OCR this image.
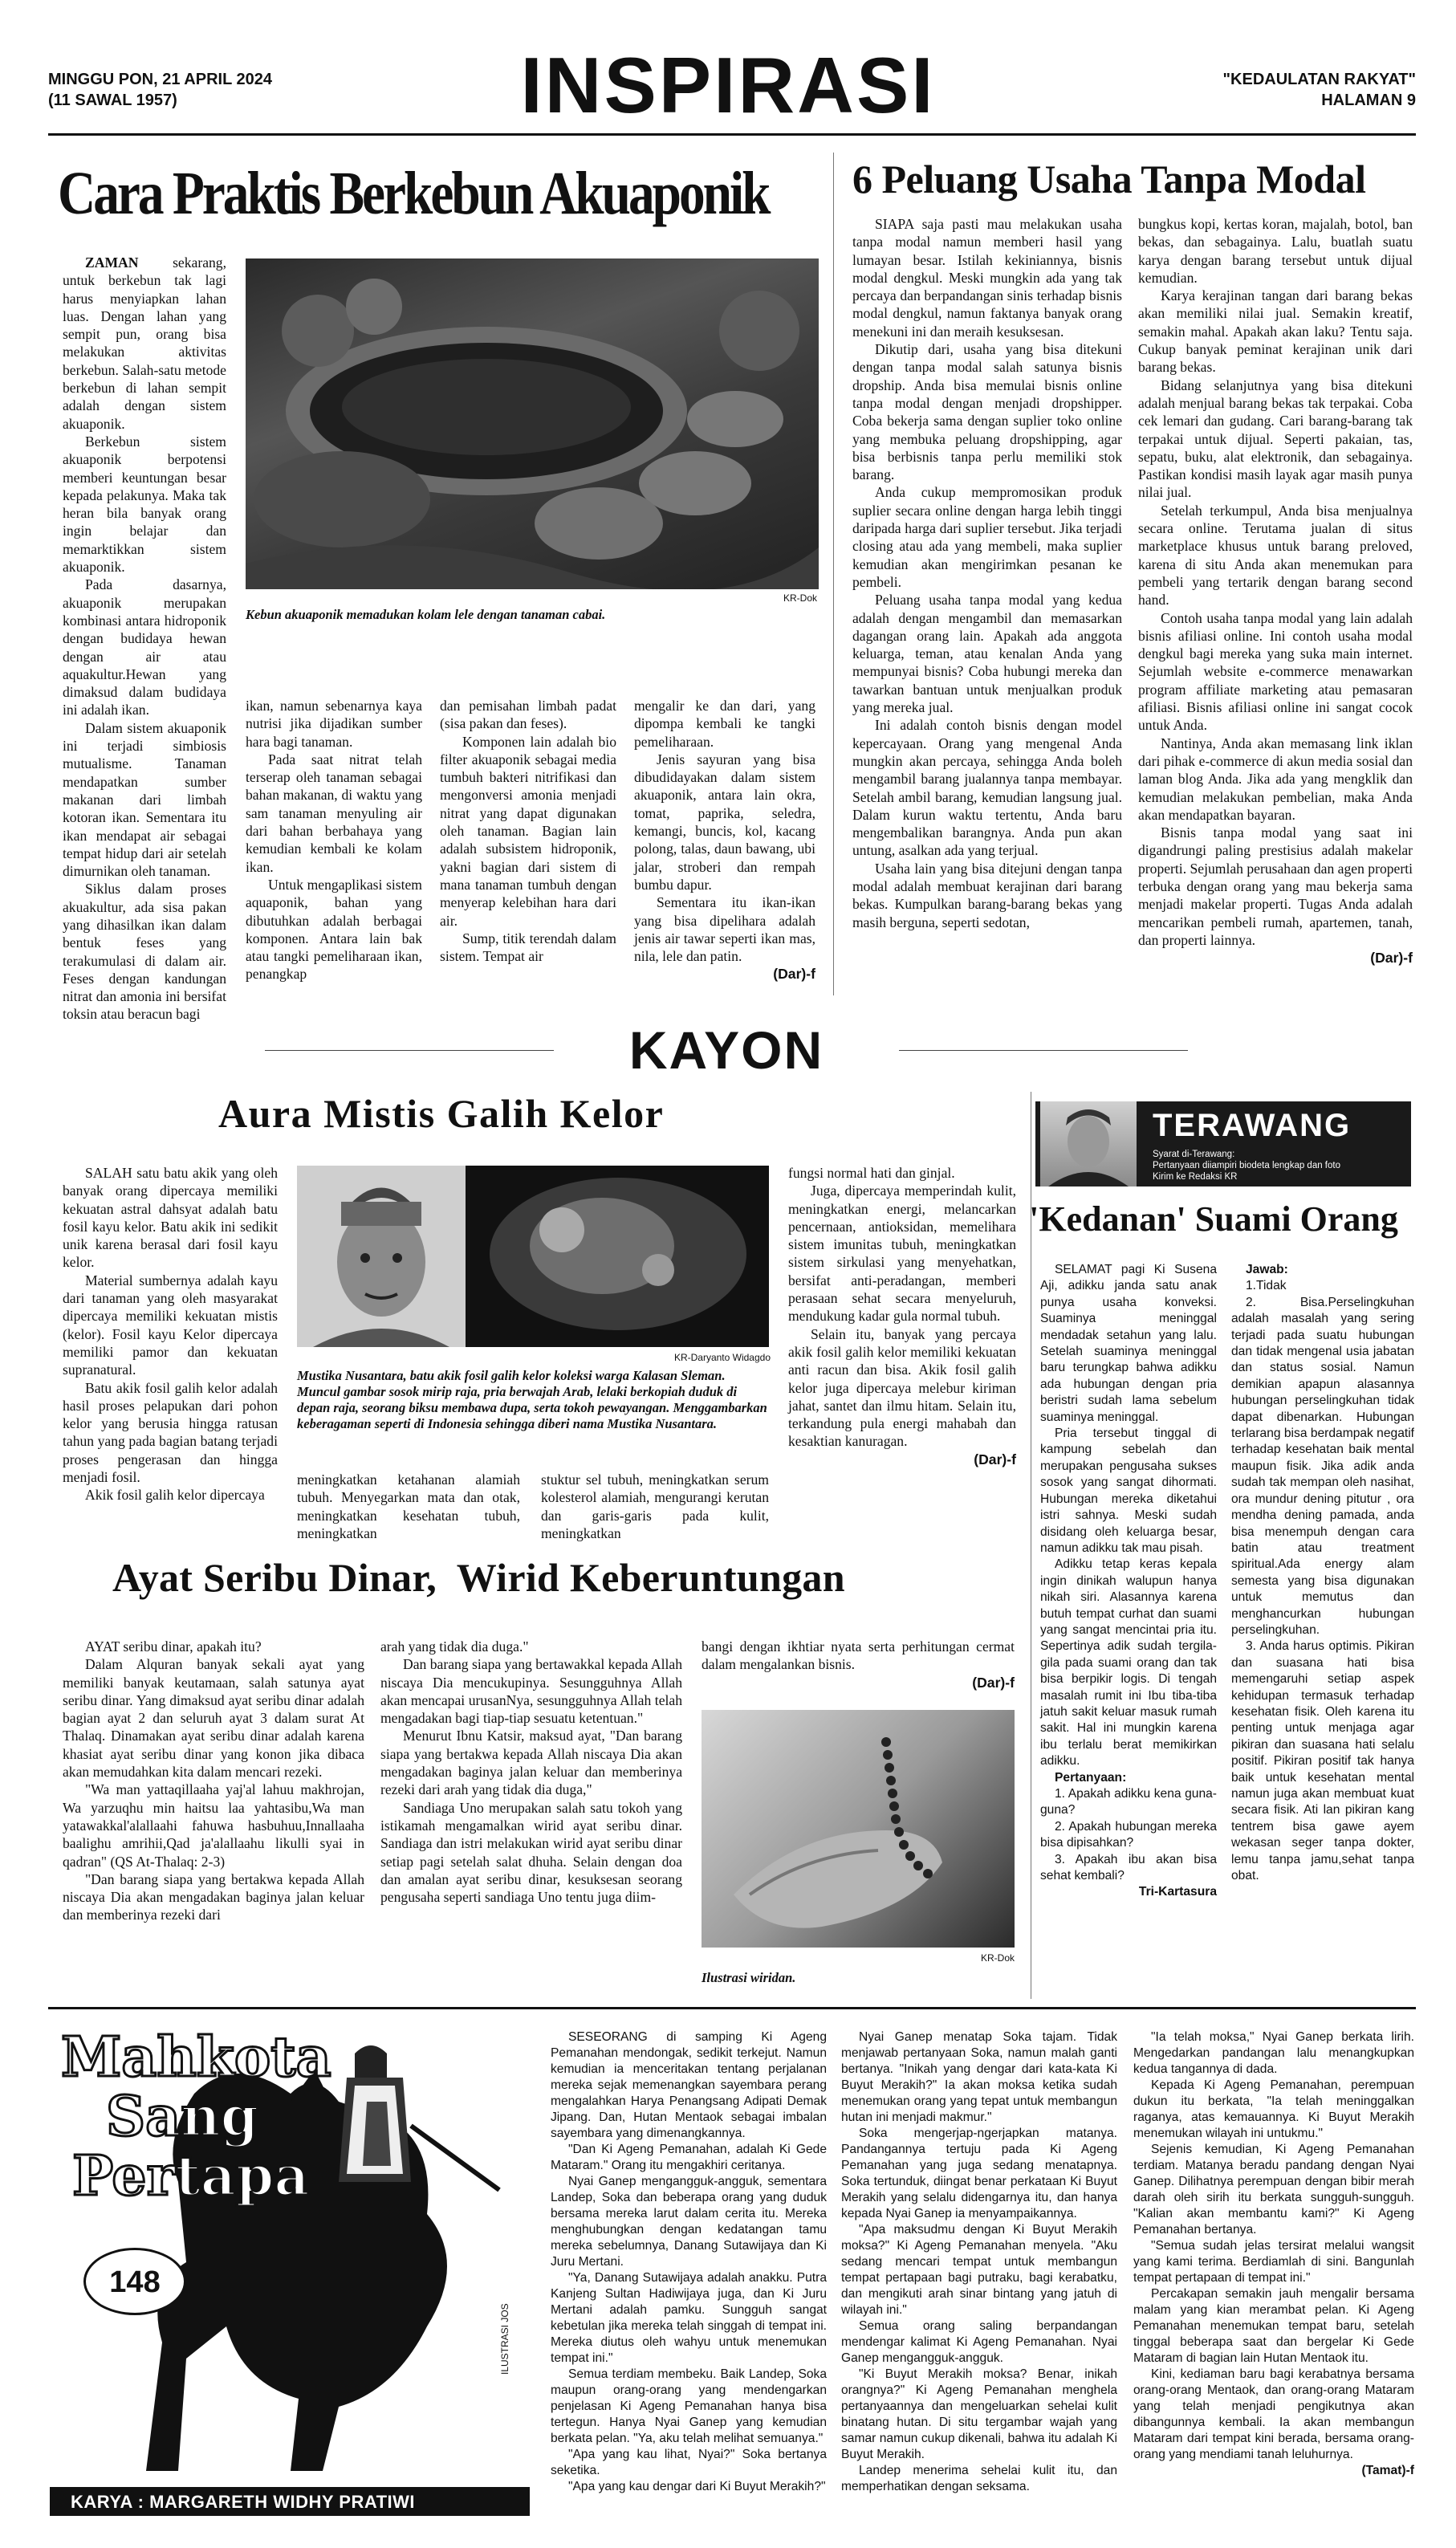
MINGGU PON, 21 APRIL 2024
(11 SAWAL 1957)	INSPIRASI	"KEDAULATAN RAKYAT"
HALAMAN 9
Cara Praktis Berkebun Akuaponik
KR-Dok
Kebun akuaponik memadukan kolam lele dengan tanaman cabai.

ZAMAN sekarang, untuk berkebun tak lagi harus menyiapkan lahan luas. Dengan lahan yang sempit pun, orang bisa melakukan aktivitas berkebun. Salah-satu metode berkebun di lahan sempit adalah dengan sistem akuaponik.

Berkebun sistem akuaponik berpotensi memberi keuntungan besar kepada pelakunya. Maka tak heran bila banyak orang ingin belajar dan memarktikkan sistem akuaponik.

Pada dasarnya, akuaponik merupakan kombinasi antara hidroponik dengan budidaya hewan dengan air atau aquakultur.Hewan yang dimaksud dalam budidaya ini adalah ikan.

Dalam sistem akuaponik ini terjadi simbiosis mutualisme. Tanaman mendapatkan sumber makanan dari limbah kotoran ikan. Sementara itu ikan mendapat air sebagai tempat hidup dari air setelah dimurnikan oleh tanaman.

Siklus dalam proses akuakultur, ada sisa pakan yang dihasilkan ikan dalam bentuk feses yang terakumulasi di dalam air. Feses dengan kandungan nitrat dan amonia ini bersifat toksin atau beracun bagi

ikan, namun sebenarnya kaya nutrisi jika dijadikan sumber hara bagi tanaman.

Pada saat nitrat telah terserap oleh tanaman sebagai bahan makanan, di waktu yang sam tanaman menyuling air dari bahan berbahaya yang kemudian kembali ke kolam ikan.

Untuk mengaplikasi sistem aquaponik, bahan yang dibutuhkan adalah berbagai komponen. Antara lain bak atau tangki pemeliharaan ikan, penangkap

dan pemisahan limbah padat (sisa pakan dan feses).

Komponen lain adalah bio filter akuaponik sebagai media tumbuh bakteri nitrifikasi dan mengonversi amonia menjadi nitrat yang dapat digunakan oleh tanaman. Bagian lain adalah subsistem hidroponik, yakni bagian dari sistem di mana tanaman tumbuh dengan menyerap kelebihan hara dari air.

Sump, titik terendah dalam sistem. Tempat air

mengalir ke dan dari, yang dipompa kembali ke tangki pemeliharaan.

Jenis sayuran yang bisa dibudidayakan dalam sistem akuaponik, antara lain okra, tomat, paprika, seledra, kemangi, buncis, kol, kacang polong, talas, daun bawang, ubi jalar, stroberi dan rempah bumbu dapur.

Sementara itu ikan-ikan yang bisa dipelihara adalah jenis air tawar seperti ikan mas, nila, lele dan patin.

(Dar)-f
6 Peluang Usaha Tanpa Modal

SIAPA saja pasti mau melakukan usaha tanpa modal namun memberi hasil yang lumayan besar. Istilah kekiniannya, bisnis modal dengkul. Meski mungkin ada yang tak percaya dan berpandangan sinis terhadap bisnis modal dengkul, namun faktanya banyak orang menekuni ini dan meraih kesuksesan.

Dikutip dari, usaha yang bisa ditekuni dengan tanpa modal salah satunya bisnis dropship. Anda bisa memulai bisnis online tanpa modal dengan menjadi dropshipper. Coba bekerja sama dengan suplier toko online yang membuka peluang dropshipping, agar bisa berbisnis tanpa perlu memiliki stok barang.

Anda cukup mempromosikan produk suplier secara online dengan harga lebih tinggi daripada harga dari suplier tersebut. Jika terjadi closing atau ada yang membeli, maka suplier kemudian akan mengirimkan pesanan ke pembeli.

Peluang usaha tanpa modal yang kedua adalah dengan mengambil dan memasarkan dagangan orang lain. Apakah ada anggota keluarga, teman, atau kenalan Anda yang mempunyai bisnis? Coba hubungi mereka dan tawarkan bantuan untuk menjualkan produk yang mereka jual.

Ini adalah contoh bisnis dengan model kepercayaan. Orang yang mengenal Anda mungkin akan percaya, sehingga Anda boleh mengambil barang jualannya tanpa membayar. Setelah ambil barang, kemudian langsung jual. Dalam kurun waktu tertentu, Anda baru mengembalikan barangnya. Anda pun akan untung, asalkan ada yang terjual.

Usaha lain yang bisa ditejuni dengan tanpa modal adalah membuat kerajinan dari barang bekas. Kumpulkan barang-barang bekas yang masih berguna, seperti sedotan,

bungkus kopi, kertas koran, majalah, botol, ban bekas, dan sebagainya. Lalu, buatlah suatu karya dengan barang tersebut untuk dijual kemudian.

Karya kerajinan tangan dari barang bekas akan memiliki nilai jual. Semakin kreatif, semakin mahal. Apakah akan laku? Tentu saja. Cukup banyak peminat kerajinan unik dari barang bekas.

Bidang selanjutnya yang bisa ditekuni adalah menjual barang bekas tak terpakai. Coba cek lemari dan gudang. Cari barang-barang tak terpakai untuk dijual. Seperti pakaian, tas, sepatu, buku, alat elektronik, dan sebagainya. Pastikan kondisi masih layak agar masih punya nilai jual.

Setelah terkumpul, Anda bisa menjualnya secara online. Terutama jualan di situs marketplace khusus untuk barang preloved, karena di situ Anda akan menemukan para pembeli yang tertarik dengan barang second hand.

Contoh usaha tanpa modal yang lain adalah bisnis afiliasi online. Ini contoh usaha modal dengkul bagi mereka yang suka main internet. Sejumlah website e-commerce menawarkan program affiliate marketing atau pemasaran afiliasi. Bisnis afiliasi online ini sangat cocok untuk Anda.

Nantinya, Anda akan memasang link iklan dari pihak e-commerce di akun media sosial dan laman blog Anda. Jika ada yang mengklik dan kemudian melakukan pembelian, maka Anda akan mendapatkan bayaran.

Bisnis tanpa modal yang saat ini digandrungi paling prestisius adalah makelar properti. Sejumlah perusahaan dan agen properti terbuka dengan orang yang mau bekerja sama menjadi makelar properti. Tugas Anda adalah mencarikan pembeli rumah, apartemen, tanah, dan properti lainnya.

(Dar)-f
KAYON
Aura Mistis Galih Kelor
KR-Daryanto Widagdo
Mustika Nusantara, batu akik fosil galih kelor koleksi warga Kalasan Sleman. Muncul gambar sosok mirip raja, pria berwajah Arab, lelaki berkopiah duduk di depan raja, seorang biksu membawa dupa, serta tokoh pewayangan. Menggambarkan keberagaman seperti di Indonesia sehingga diberi nama Mustika Nusantara.

SALAH satu batu akik yang oleh banyak orang dipercaya memiliki kekuatan astral dahsyat adalah batu fosil kayu kelor. Batu akik ini sedikit unik karena berasal dari fosil kayu kelor.

Material sumbernya adalah kayu dari tanaman yang oleh masyarakat dipercaya memiliki kekuatan mistis (kelor). Fosil kayu Kelor dipercaya memiliki pamor dan kekuatan supranatural.

Batu akik fosil galih kelor adalah hasil proses pelapukan dari pohon kelor yang berusia hingga ratusan tahun yang pada bagian batang terjadi proses pengerasan dan hingga menjadi fosil.

Akik fosil galih kelor dipercaya

meningkatkan ketahanan alamiah tubuh. Menyegarkan mata dan otak, meningkatkan kesehatan tubuh, meningkatkan

stuktur sel tubuh, meningkatkan serum kolesterol alamiah, mengurangi kerutan dan garis-garis pada kulit, meningkatkan

fungsi normal hati dan ginjal.

Juga, dipercaya memperindah kulit, meningkatkan energi, melancarkan pencernaan, antioksidan, memelihara sistem imunitas tubuh, meningkatkan sistem sirkulasi yang menyehatkan, bersifat anti-peradangan, memberi perasaan sehat secara menyeluruh, mendukung kadar gula normal tubuh.

Selain itu, banyak yang percaya akik fosil galih kelor memiliki kekuatan anti racun dan bisa. Akik fosil galih kelor juga dipercaya melebur kiriman jahat, santet dan ilmu hitam. Selain itu, terkandung pula energi mahabah dan kesaktian kanuragan.

(Dar)-f
Ayat Seribu Dinar,  Wirid Keberuntungan

AYAT seribu dinar, apakah itu?

Dalam Alquran banyak sekali ayat yang memiliki banyak keutamaan, salah satunya ayat seribu dinar. Yang dimaksud ayat seribu dinar adalah bagian ayat 2 dan seluruh ayat 3 dalam surat At Thalaq. Dinamakan ayat seribu dinar adalah karena khasiat ayat seribu dinar yang konon jika dibaca akan memudahkan kita dalam mencari rezeki.

"Wa man yattaqillaaha yaj'al lahuu makhrojan, Wa yarzuqhu min haitsu laa yahtasibu,Wa man yatawakkal'alallaahi fahuwa hasbuhuu,Innallaaha baalighu amrihii,Qad ja'alallaahu likulli syai in qadran" (QS At-Thalaq: 2-3)

"Dan barang siapa yang bertakwa kepada Allah niscaya Dia akan mengadakan baginya jalan keluar dan memberinya rezeki dari

arah yang tidak dia duga."

Dan barang siapa yang bertawakkal kepada Allah niscaya Dia mencukupinya. Sesungguhnya Allah akan mencapai urusanNya, sesungguhnya Allah telah mengadakan bagi tiap-tiap sesuatu ketentuan."

Menurut Ibnu Katsir, maksud ayat, "Dan barang siapa yang bertakwa kepada Allah niscaya Dia akan mengadakan baginya jalan keluar dan memberinya rezeki dari arah yang tidak dia duga,"

Sandiaga Uno merupakan salah satu tokoh yang istikamah mengamalkan wirid ayat seribu dinar. Sandiaga dan istri melakukan wirid ayat seribu dinar setiap pagi setelah salat dhuha. Selain dengan doa dan amalan ayat seribu dinar, kesuksesan seorang pengusaha seperti sandiaga Uno tentu juga diim-

bangi dengan ikhtiar nyata serta perhitungan cermat dalam mengalankan bisnis.

(Dar)-f
KR-Dok
Ilustrasi wiridan.
TERAWANG
Syarat di-Terawang:
Pertanyaan diiampiri biodeta lengkap dan foto
Kirim ke Redaksi KR
'Kedanan' Suami Orang

SELAMAT pagi Ki Susena Aji, adikku janda satu anak punya usaha konveksi. Suaminya meninggal mendadak setahun yang lalu. Setelah suaminya meninggal baru terungkap bahwa adikku ada hubungan dengan pria beristri sudah lama sebelum suaminya meninggal.

Pria tersebut tinggal di kampung sebelah dan merupakan pengusaha sukses sosok yang sangat dihormati. Hubungan mereka diketahui istri sahnya. Meski sudah disidang oleh keluarga besar, namun adikku tak mau pisah.

Adikku tetap keras kepala ingin dinikah walupun hanya nikah siri. Alasannya karena butuh tempat curhat dan suami yang sangat mencintai pria itu. Sepertinya adik sudah tergila-gila pada suami orang dan tak bisa berpikir logis. Di tengah masalah rumit ini Ibu tiba-tiba jatuh sakit keluar masuk rumah sakit. Hal ini mungkin karena ibu terlalu berat memikirkan adikku.

Pertanyaan:

1. Apakah adikku kena guna-guna?

2. Apakah hubungan mereka bisa dipisahkan?

3. Apakah ibu akan bisa sehat kembali?

Tri-Kartasura

Jawab:

1.Tidak

2. Bisa.Perselingkuhan adalah masalah yang sering terjadi pada suatu hubungan dan tidak mengenal usia jabatan dan status sosial. Namun demikian apapun alasannya hubungan perselingkuhan tidak dapat dibenarkan. Hubungan terlarang bisa berdampak negatif terhadap kesehatan baik mental maupun fisik. Jika adik anda sudah tak mempan oleh nasihat, ora mundur dening pitutur , ora mendha dening pamada, anda bisa menempuh dengan cara batin atau treatment spiritual.Ada energy alam semesta yang bisa digunakan untuk memutus dan menghancurkan hubungan perselingkuhan.

3. Anda harus optimis. Pikiran dan suasana hati bisa memengaruhi setiap aspek kehidupan termasuk terhadap kesehatan fisik. Oleh karena itu penting untuk menjaga agar pikiran dan suasana hati selalu positif. Pikiran positif tak hanya baik untuk kesehatan mental namun juga akan membuat kuat secara fisik. Ati lan pikiran kang tentrem bisa gawe ayem wekasan seger tanpa dokter, lemu tanpa jamu,sehat tanpa obat.

Mahkota
Sang
Pertapa
148
ILUSTRASI JOS
KARYA : MARGARETH WIDHY PRATIWI

SESEORANG di samping Ki Ageng Pemanahan mendongak, sedikit terkejut. Namun kemudian ia menceritakan tentang perjalanan mereka sejak memenangkan sayembara perang mengalahkan Harya Penangsang Adipati Demak Jipang. Dan, Hutan Mentaok sebagai imbalan sayembara yang dimenangkannya.

"Dan Ki Ageng Pemanahan, adalah Ki Gede Mataram." Orang itu mengakhiri ceritanya.

Nyai Ganep mengangguk-angguk, sementara Landep, Soka dan beberapa orang yang duduk bersama mereka larut dalam cerita itu. Mereka menghubungkan dengan kedatangan tamu mereka sebelumnya, Danang Sutawijaya dan Ki Juru Mertani.

"Ya, Danang Sutawijaya adalah anakku. Putra Kanjeng Sultan Hadiwijaya juga, dan Ki Juru Mertani adalah pamku. Sungguh sangat kebetulan jika mereka telah singgah di tempat ini. Mereka diutus oleh wahyu untuk menemukan tempat ini."

Semua terdiam membeku. Baik Landep, Soka maupun orang-orang yang mendengarkan penjelasan Ki Ageng Pemanahan hanya bisa tertegun. Hanya Nyai Ganep yang kemudian berkata pelan. "Ya, aku telah melihat semuanya."

"Apa yang kau lihat, Nyai?" Soka bertanya seketika.

"Apa yang kau dengar dari Ki Buyut Merakih?"

Nyai Ganep menatap Soka tajam. Tidak menjawab pertanyaan Soka, namun malah ganti bertanya. "Inikah yang dengar dari kata-kata Ki Buyut Merakih?" Ia akan moksa ketika sudah menemukan orang yang tepat untuk membangun hutan ini menjadi makmur."

Soka mengerjap-ngerjapkan matanya. Pandangannya tertuju pada Ki Ageng Pemanahan yang juga sedang menatapnya. Soka tertunduk, diingat benar perkataan Ki Buyut Merakih yang selalu didengarnya itu, dan hanya kepada Nyai Ganep ia menyampaikannya.

"Apa maksudmu dengan Ki Buyut Merakih moksa?" Ki Ageng Pemanahan menyela. "Aku sedang mencari tempat untuk membangun tempat pertapaan bagi putraku, bagi kerabatku, dan mengikuti arah sinar bintang yang jatuh di wilayah ini."

Semua orang saling berpandangan mendengar kalimat Ki Ageng Pemanahan. Nyai Ganep mengangguk-angguk.

"Ki Buyut Merakih moksa? Benar, inikah orangnya?" Ki Ageng Pemanahan menghela pertanyaannya dan mengeluarkan sehelai kulit binatang hutan. Di situ tergambar wajah yang samar namun cukup dikenali, bahwa itu adalah Ki Buyut Merakih.

Landep menerima sehelai kulit itu, dan memperhatikan dengan seksama.

"Ia telah moksa," Nyai Ganep berkata lirih. Mengedarkan pandangan lalu menangkupkan kedua tangannya di dada.

Kepada Ki Ageng Pemanahan, perempuan dukun itu berkata, "Ia telah meninggalkan raganya, atas kemauannya. Ki Buyut Merakih menemukan wilayah ini untukmu."

Sejenis kemudian, Ki Ageng Pemanahan terdiam. Matanya beradu pandang dengan Nyai Ganep. Dilihatnya perempuan dengan bibir merah darah oleh sirih itu berkata sungguh-sungguh. "Kalian akan membantu kami?" Ki Ageng Pemanahan bertanya.

"Semua sudah jelas tersirat melalui wangsit yang kami terima. Berdiamlah di sini. Bangunlah tempat pertapaan di tempat ini."

Percakapan semakin jauh mengalir bersama malam yang kian merambat pelan. Ki Ageng Pemanahan menemukan tempat baru, setelah tinggal beberapa saat dan bergelar Ki Gede Mataram di bagian lain Hutan Mentaok itu.

Kini, kediaman baru bagi kerabatnya bersama orang-orang Mentaok, dan orang-orang Mataram yang telah menjadi pengikutnya akan dibangunnya kembali. Ia akan membangun Mataram dari tempat kini berada, bersama orang-orang yang mendiami tanah leluhurnya.

(Tamat)-f
